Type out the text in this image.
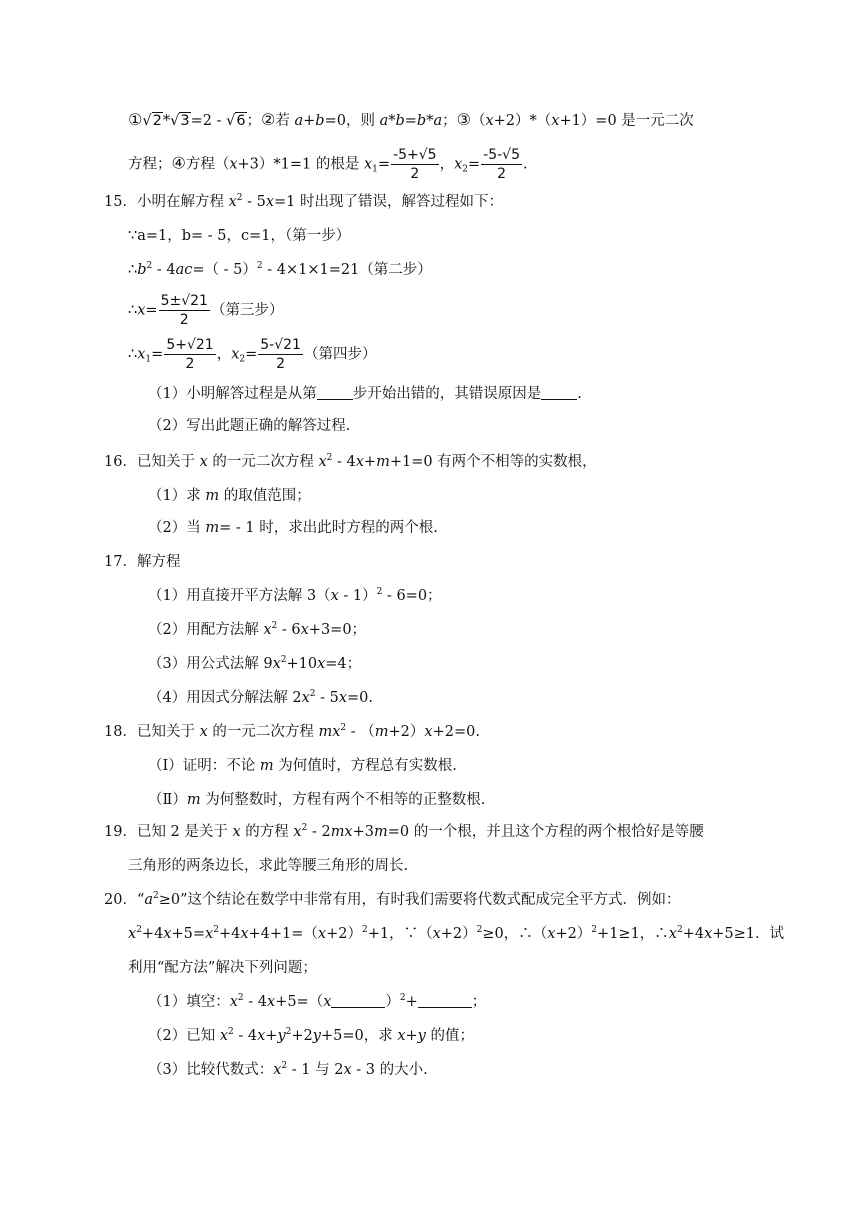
①√2*√3=2 - √6；②若 a+b=0，则 a*b=b*a；③（x+2）*（x+1）=0 是一元二次
方程；④方程（x+3）*1=1 的根是 $x_1= \frac{-5+√5}{2}$ ，$x_2= \frac{-5-√5}{2}$ .
15．小明在解方程 $x^2 - 5x=1$ 时出现了错误，解答过程如下：
∵a=1，b= - 5，c=1，（第一步）
$\therefore b^2 - 4ac=( - 5)^2 - 4\times 1\times 1=21$（第二步）
∴x= $\frac{5\pm√21}{2}$ （第三步）
$\therefore x_1= \frac{5+√21}{2}$ ，$x_2= \frac{5-√21}{2}$ （第四步）
（1）小明解答过程是从第 步开始出错的，其错误原因是 .
（2）写出此题正确的解答过程.
16．已知关于 x 的一元二次方程 $x^2 - 4x+m+1=0$ 有两个不相等的实数根，
（1）求 m 的取值范围；
（2）当 m= - 1 时，求出此时方程的两个根.
17．解方程
（1）用直接开平方法解 3（x - 1）$^2$ - 6=0；
（2）用配方法解 $x^2 - 6x+3=0$；
（3）用公式法解 $9x^2+10x=4$；
（4）用因式分解法解 $2x^2 - 5x=0$.
18．已知关于 x 的一元二次方程 $mx^2 - (m+2)x+2=0$.
（Ⅰ）证明：不论 m 为何值时，方程总有实数根.
（Ⅱ）m 为何整数时，方程有两个不相等的正整数根.
19．已知 2 是关于 x 的方程 $x^2 - 2mx+3m=0$ 的一个根，并且这个方程的两个根恰好是等腰
三角形的两条边长，求此等腰三角形的周长.
20．“$a^2\ge 0$”这个结论在数学中非常有用，有时我们需要将代数式配成完全平方式．例如：
$x^2+4x+5=x^2+4x+4+1=(x+2)^2+1$，$\because(x+2)^2\ge 0$，$\therefore(x+2)^2+1\ge 1$，$\therefore x^2+4x+5\ge 1$．试
利用“配方法”解决下列问题；
（1）填空：$x^2 - 4x+5=(x$	）$^2$+	；
（2）已知 $x^2 - 4x+y^2+2y+5=0$，求 x+y 的值；
（3）比较代数式：$x^2 - 1$ 与 2x - 3 的大小.
